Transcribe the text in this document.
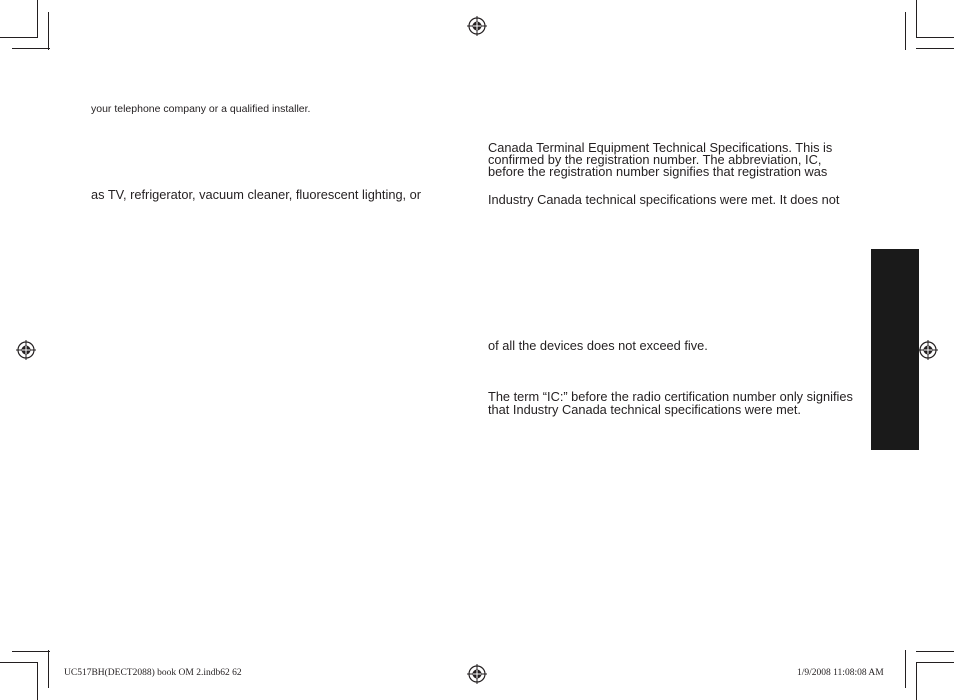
your telephone company or a qualified installer.
as TV, refrigerator, vacuum cleaner, fluorescent lighting, or
Canada Terminal Equipment Technical Specifications. This is
confirmed by the registration number. The abbreviation, IC,
before the registration number signifies that registration was
Industry Canada technical specifications were met. It does not
of all the devices does not exceed five.
The term “IC:” before the radio certification number only signifies
that Industry Canada technical specifications were met.
UC517BH(DECT2088) book OM 2.indb62 62	1/9/2008 11:08:08 AM
